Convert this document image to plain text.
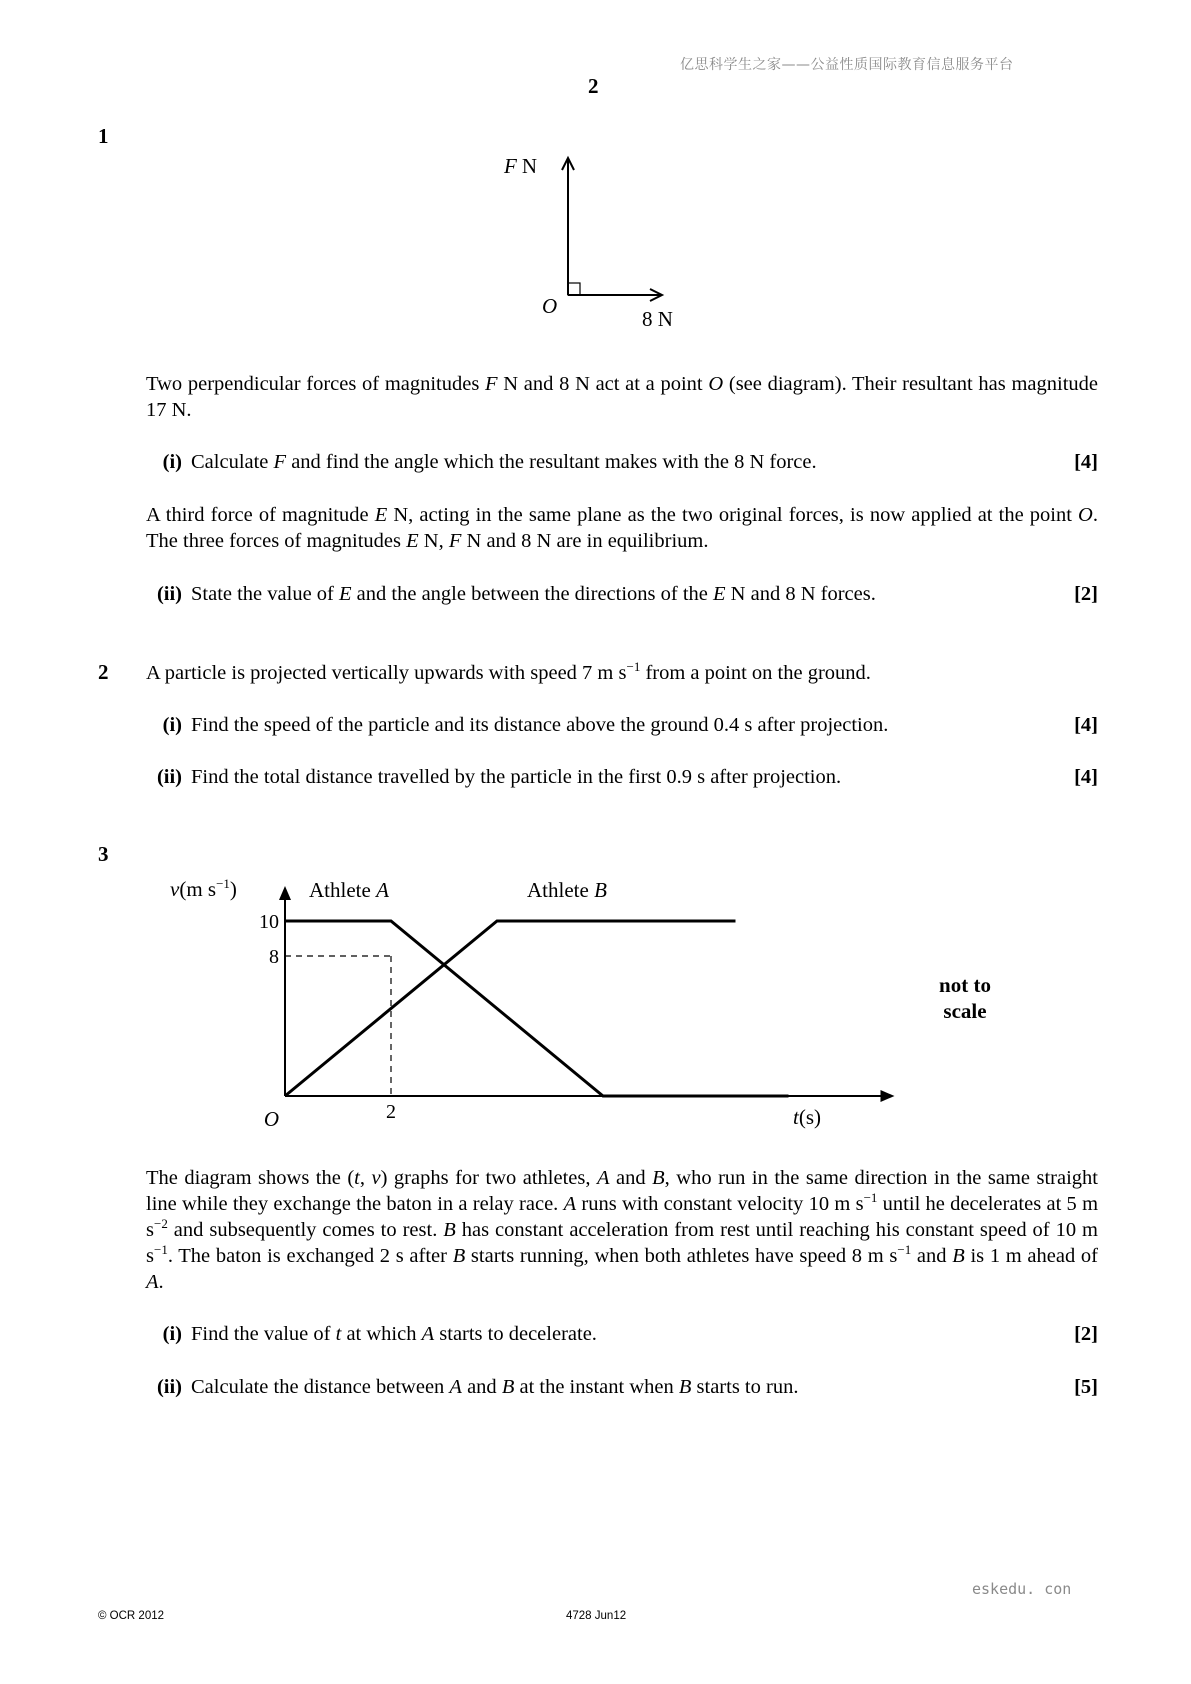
亿思科学生之家——公益性质国际教育信息服务平台
2
1
F N
O
8 N
Two perpendicular forces of magnitudes F N and 8 N act at a point O (see diagram). Their resultant has magnitude 17 N.
(i) Calculate F and find the angle which the resultant makes with the 8 N force.	[4]
A third force of magnitude E N, acting in the same plane as the two original forces, is now applied at the point O. The three forces of magnitudes E N, F N and 8 N are in equilibrium.
(ii) State the value of E and the angle between the directions of the E N and 8 N forces.	[2]
2 A particle is projected vertically upwards with speed 7 m $s^{-1}$ from a point on the ground.
(i) Find the speed of the particle and its distance above the ground 0.4 s after projection.	[4]
(ii) Find the total distance travelled by the particle in the first 0.9 s after projection.	[4]
3
10
8
2
O
v(m $s^{-1}$)
t(s)
Athlete A	Athlete B
not to
scale
The diagram shows the (t, v) graphs for two athletes, A and B, who run in the same direction in the same straight line while they exchange the baton in a relay race. A runs with constant velocity 10 m $s^{-1}$ until he decelerates at 5 m $s^{-2}$ and subsequently comes to rest. B has constant acceleration from rest until reaching his constant speed of 10 m $s^{-1}$. The baton is exchanged 2 s after B starts running, when both athletes have speed 8 m $s^{-1}$ and B is 1 m ahead of A.
(i) Find the value of t at which A starts to decelerate.	[2]
(ii) Calculate the distance between A and B at the instant when B starts to run.	[5]
eskedu. con
© OCR 2012	4728 Jun12
